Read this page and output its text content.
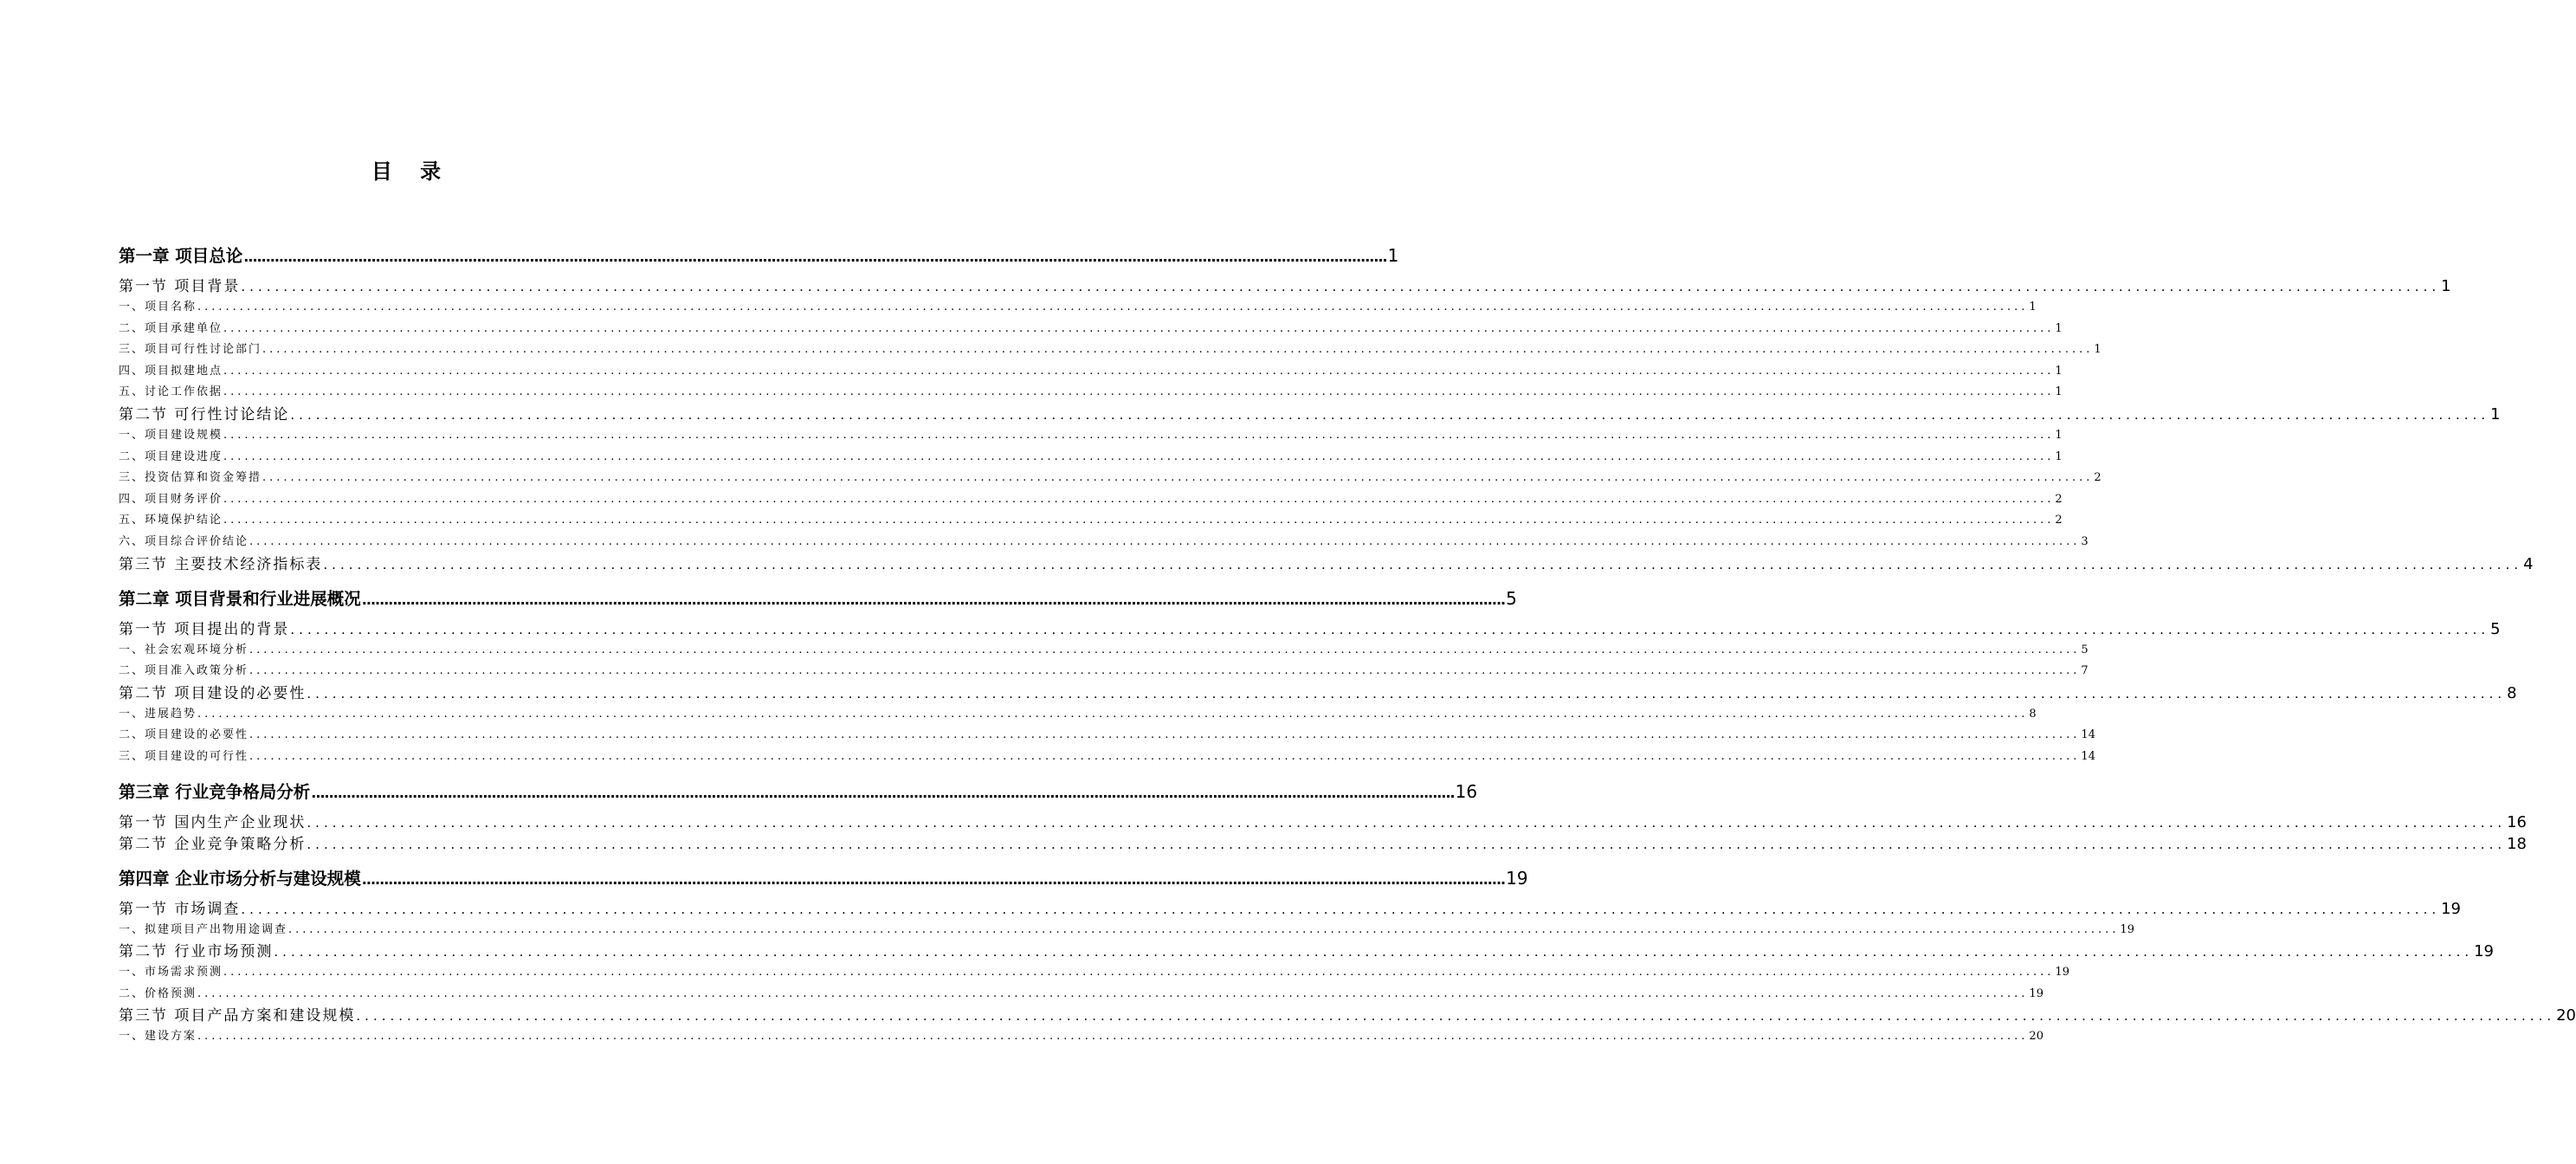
目 录
第一章 项目总论 .................................................................................................................................................................................................................................................................... 1
第一节 项目背景 .................................................................................................................................................................................................................................................................... 1
一、项目名称 .................................................................................................................................................................................................................................................................... 1
二、项目承建单位 .................................................................................................................................................................................................................................................................... 1
三、项目可行性讨论部门 .................................................................................................................................................................................................................................................................... 1
四、项目拟建地点 .................................................................................................................................................................................................................................................................... 1
五、讨论工作依据 .................................................................................................................................................................................................................................................................... 1
第二节 可行性讨论结论 .................................................................................................................................................................................................................................................................... 1
一、项目建设规模 .................................................................................................................................................................................................................................................................... 1
二、项目建设进度 .................................................................................................................................................................................................................................................................... 1
三、投资估算和资金筹措 .................................................................................................................................................................................................................................................................... 2
四、项目财务评价 .................................................................................................................................................................................................................................................................... 2
五、环境保护结论 .................................................................................................................................................................................................................................................................... 2
六、项目综合评价结论 .................................................................................................................................................................................................................................................................... 3
第三节 主要技术经济指标表 .................................................................................................................................................................................................................................................................... 4
第二章 项目背景和行业进展概况 .................................................................................................................................................................................................................................................................... 5
第一节 项目提出的背景 .................................................................................................................................................................................................................................................................... 5
一、社会宏观环境分析 .................................................................................................................................................................................................................................................................... 5
二、项目准入政策分析 .................................................................................................................................................................................................................................................................... 7
第二节 项目建设的必要性 .................................................................................................................................................................................................................................................................... 8
一、进展趋势 .................................................................................................................................................................................................................................................................... 8
二、项目建设的必要性 .................................................................................................................................................................................................................................................................... 14
三、项目建设的可行性 .................................................................................................................................................................................................................................................................... 14
第三章 行业竞争格局分析 .................................................................................................................................................................................................................................................................... 16
第一节 国内生产企业现状 .................................................................................................................................................................................................................................................................... 16
第二节 企业竞争策略分析 .................................................................................................................................................................................................................................................................... 18
第四章 企业市场分析与建设规模 .................................................................................................................................................................................................................................................................... 19
第一节 市场调查 .................................................................................................................................................................................................................................................................... 19
一、拟建项目产出物用途调查 .................................................................................................................................................................................................................................................................... 19
第二节 行业市场预测 .................................................................................................................................................................................................................................................................... 19
一、市场需求预测 .................................................................................................................................................................................................................................................................... 19
二、价格预测 .................................................................................................................................................................................................................................................................... 19
第三节 项目产品方案和建设规模 .................................................................................................................................................................................................................................................................... 20
一、建设方案 .................................................................................................................................................................................................................................................................... 20
